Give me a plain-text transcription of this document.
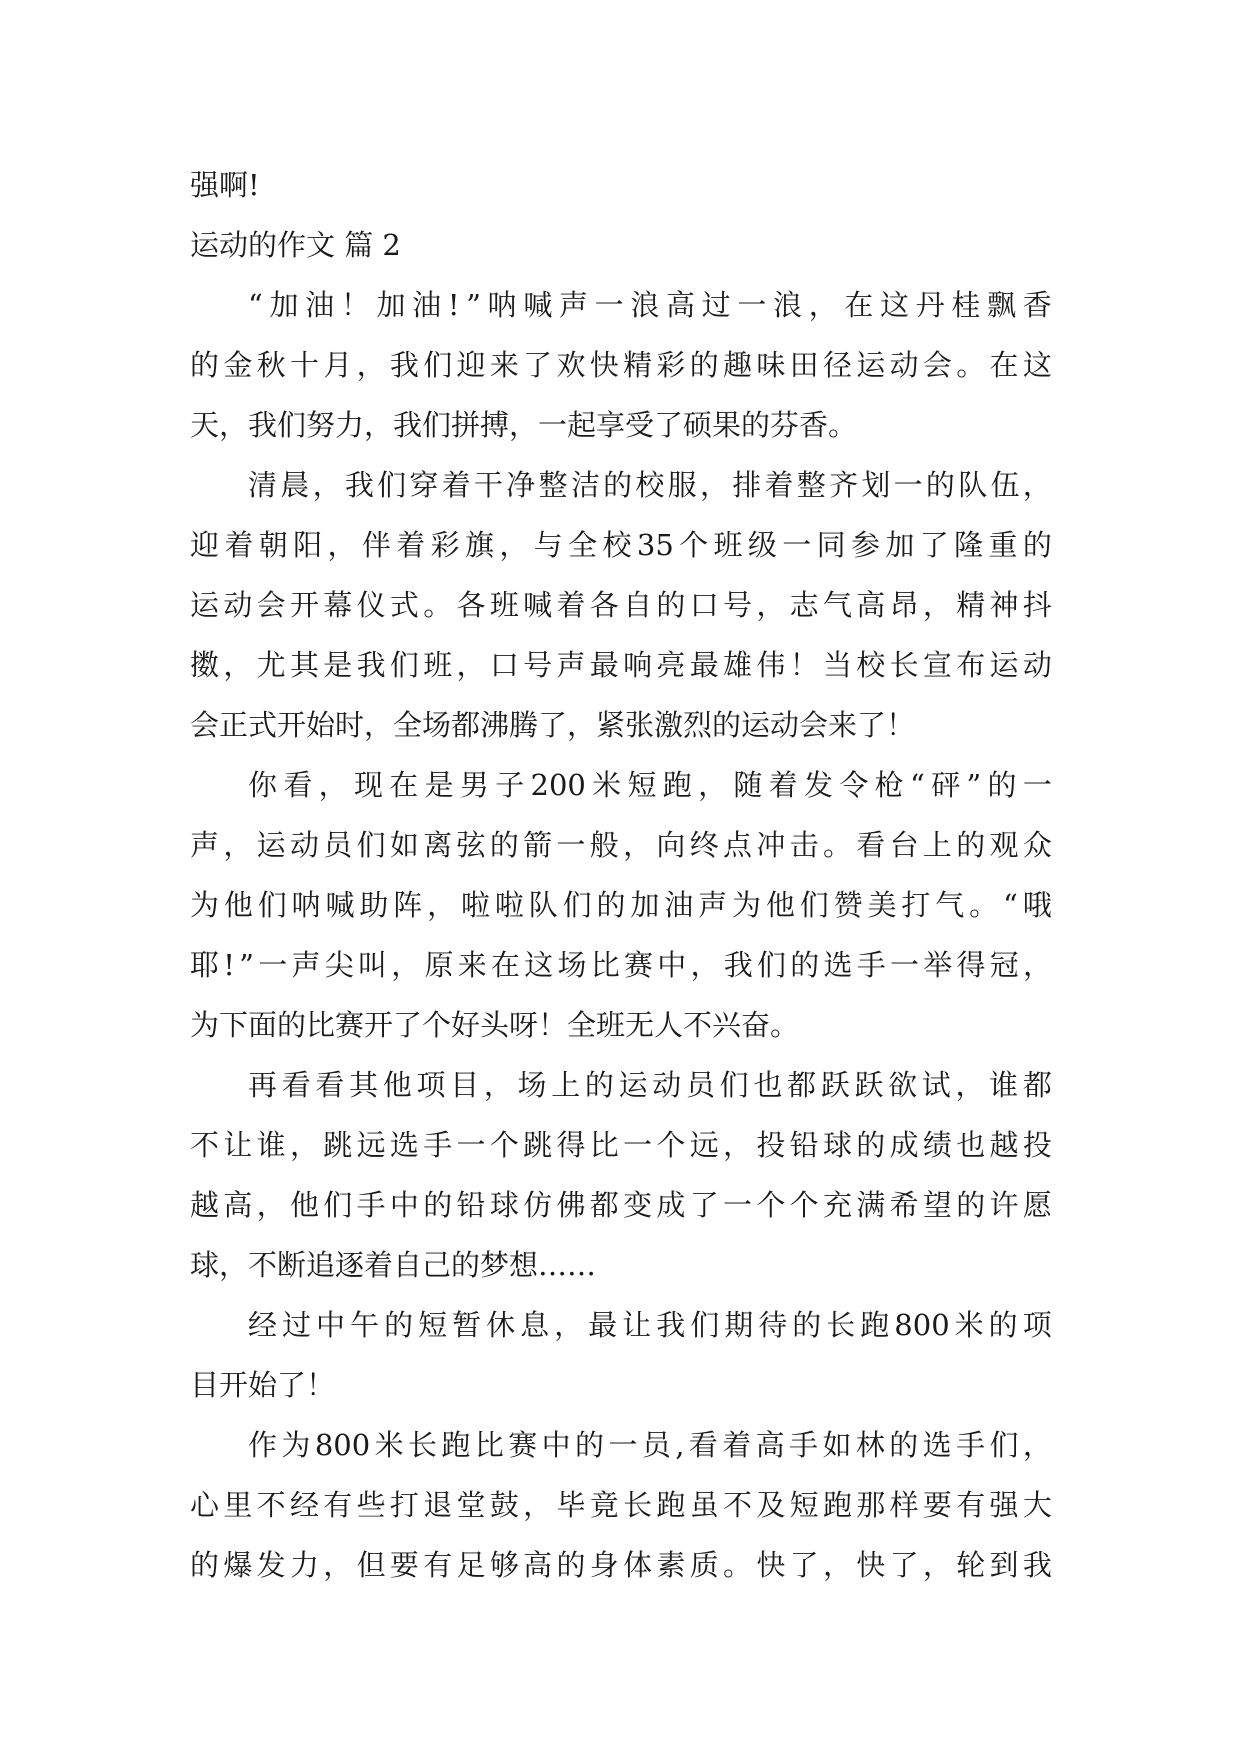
强啊!
运动的作文 篇 2
“ 加 油 ！ 加 油 ! ” 呐 喊 声 一 浪 高 过 一 浪 ， 在 这 丹 桂 飘 香
的 金 秋 十 月 ， 我 们 迎 来 了 欢 快 精 彩 的 趣 味 田 径 运 动 会 。 在 这
天，我们努力，我们拼搏，一起享受了硕果的芬香。
清 晨 ， 我 们 穿 着 干 净 整 洁 的 校 服 ， 排 着 整 齐 划 一 的 队 伍 ，
迎 着 朝 阳 ， 伴 着 彩 旗 ， 与 全 校 35 个 班 级 一 同 参 加 了 隆 重 的
运 动 会 开 幕 仪 式 。 各 班 喊 着 各 自 的 口 号 ， 志 气 高 昂 ， 精 神 抖
擞 ， 尤 其 是 我 们 班 ， 口 号 声 最 响 亮 最 雄 伟 ！ 当 校 长 宣 布 运 动
会正式开始时，全场都沸腾了，紧张激烈的运动会来了！
你 看 ， 现 在 是 男 子 200 米 短 跑 ， 随 着 发 令 枪 “ 砰 ” 的 一
声 ， 运 动 员 们 如 离 弦 的 箭 一 般 ， 向 终 点 冲 击 。 看 台 上 的 观 众
为 他 们 呐 喊 助 阵 ， 啦 啦 队 们 的 加 油 声 为 他 们 赞 美 打 气 。 “ 哦
耶 ! ” 一 声 尖 叫 ， 原 来 在 这 场 比 赛 中 ， 我 们 的 选 手 一 举 得 冠 ，
为下面的比赛开了个好头呀！全班无人不兴奋。
再 看 看 其 他 项 目 ， 场 上 的 运 动 员 们 也 都 跃 跃 欲 试 ， 谁 都
不 让 谁 ， 跳 远 选 手 一 个 跳 得 比 一 个 远 ， 投 铅 球 的 成 绩 也 越 投
越 高 ， 他 们 手 中 的 铅 球 仿 佛 都 变 成 了 一 个 个 充 满 希 望 的 许 愿
球，不断追逐着自己的梦想……
经 过 中 午 的 短 暂 休 息 ， 最 让 我 们 期 待 的 长 跑 800 米 的 项
目开始了！
作 为 800 米 长 跑 比 赛 中 的 一 员 , 看 着 高 手 如 林 的 选 手 们 ，
心 里 不 经 有 些 打 退 堂 鼓 ， 毕 竟 长 跑 虽 不 及 短 跑 那 样 要 有 强 大
的 爆 发 力 ， 但 要 有 足 够 高 的 身 体 素 质 。 快 了 ， 快 了 ， 轮 到 我
